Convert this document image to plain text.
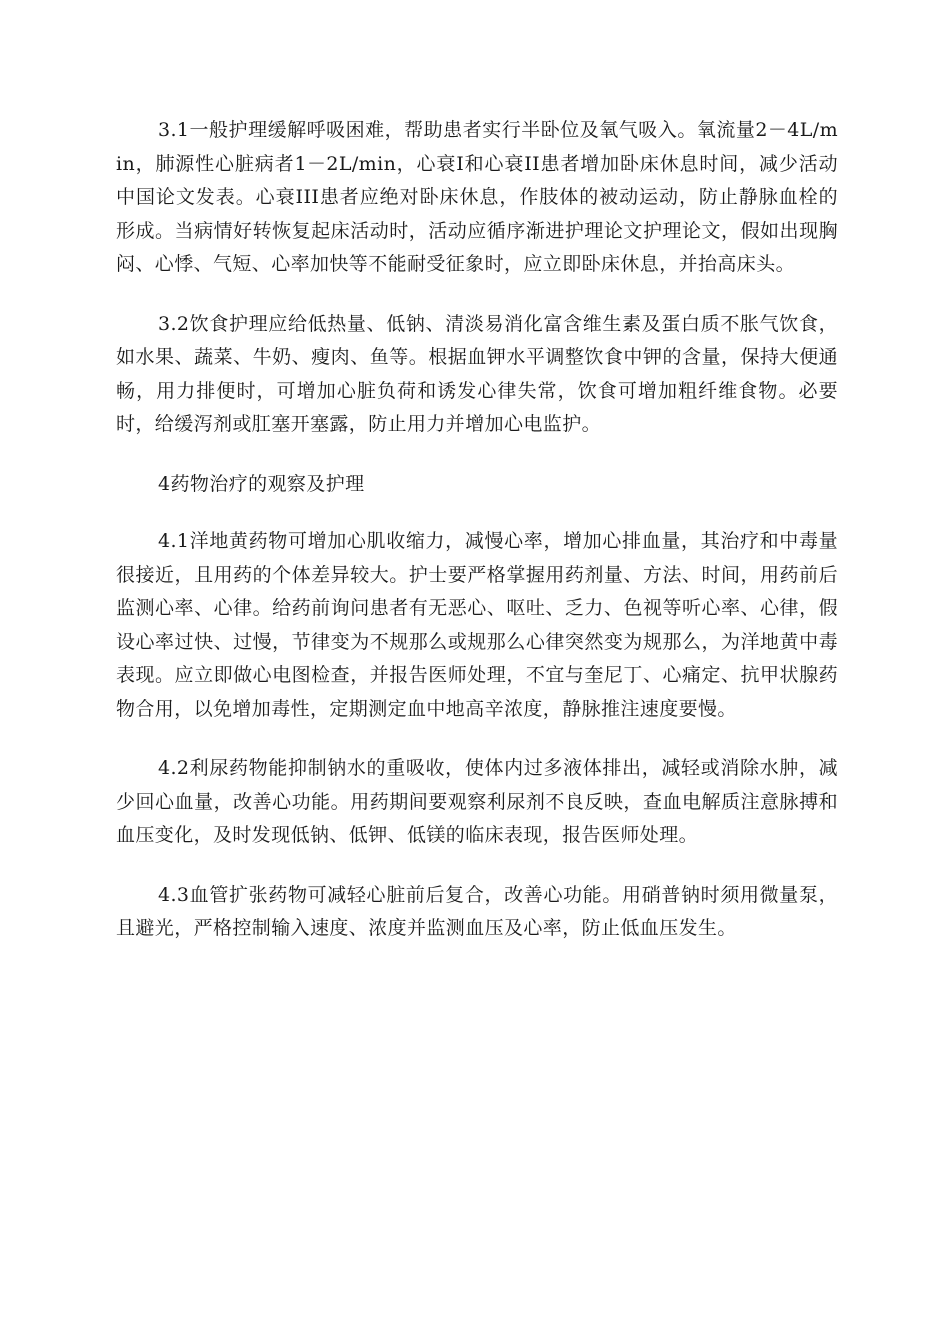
3.1一般护理缓解呼吸困难，帮助患者实行半卧位及氧气吸入。氧流量2－4L/min，肺源性心脏病者1－2L/min，心衰I和心衰II患者增加卧床休息时间，减少活动中国论文发表。心衰III患者应绝对卧床休息，作肢体的被动运动，防止静脉血栓的形成。当病情好转恢复起床活动时，活动应循序渐进护理论文护理论文，假如出现胸闷、心悸、气短、心率加快等不能耐受征象时，应立即卧床休息，并抬高床头。

3.2饮食护理应给低热量、低钠、清淡易消化富含维生素及蛋白质不胀气饮食，如水果、蔬菜、牛奶、瘦肉、鱼等。根据血钾水平调整饮食中钾的含量，保持大便通畅，用力排便时，可增加心脏负荷和诱发心律失常，饮食可增加粗纤维食物。必要时，给缓泻剂或肛塞开塞露，防止用力并增加心电监护。

4药物治疗的观察及护理

4.1洋地黄药物可增加心肌收缩力，减慢心率，增加心排血量，其治疗和中毒量很接近，且用药的个体差异较大。护士要严格掌握用药剂量、方法、时间，用药前后监测心率、心律。给药前询问患者有无恶心、呕吐、乏力、色视等听心率、心律，假设心率过快、过慢，节律变为不规那么或规那么心律突然变为规那么，为洋地黄中毒表现。应立即做心电图检查，并报告医师处理，不宜与奎尼丁、心痛定、抗甲状腺药物合用，以免增加毒性，定期测定血中地高辛浓度，静脉推注速度要慢。

4.2利尿药物能抑制钠水的重吸收，使体内过多液体排出，减轻或消除水肿，减少回心血量，改善心功能。用药期间要观察利尿剂不良反映，查血电解质注意脉搏和血压变化，及时发现低钠、低钾、低镁的临床表现，报告医师处理。

4.3血管扩张药物可减轻心脏前后复合，改善心功能。用硝普钠时须用微量泵，且避光，严格控制输入速度、浓度并监测血压及心率，防止低血压发生。
